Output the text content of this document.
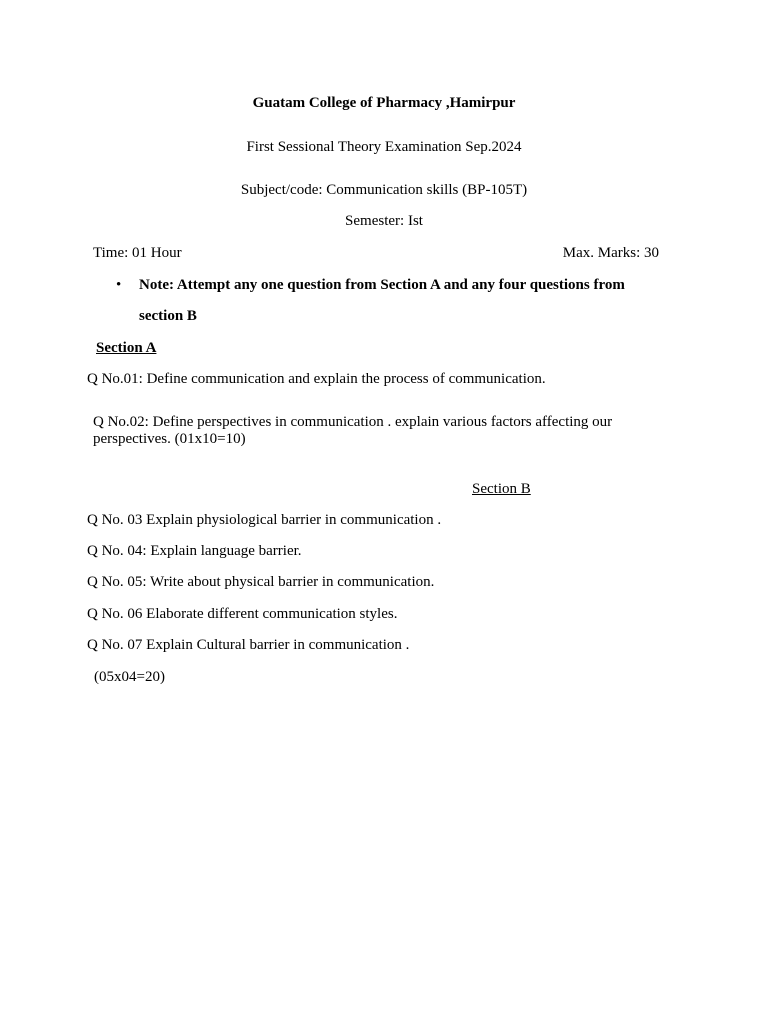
Guatam College of Pharmacy ,Hamirpur
First Sessional Theory Examination Sep.2024
Subject/code: Communication skills (BP-105T)
Semester: Ist
Time: 01 Hour	Max. Marks: 30
• Note: Attempt any one question from Section A and any four questions from
section B
Section A
Q No.01: Define communication and explain the process of communication.
Q No.02: Define perspectives in communication . explain various factors affecting our perspectives. (01x10=10)
Section B
Q No. 03 Explain physiological barrier in communication .
Q No. 04: Explain language barrier.
Q No. 05: Write about physical barrier in communication.
Q No. 06 Elaborate different communication styles.
Q No. 07 Explain Cultural barrier in communication .
(05x04=20)
